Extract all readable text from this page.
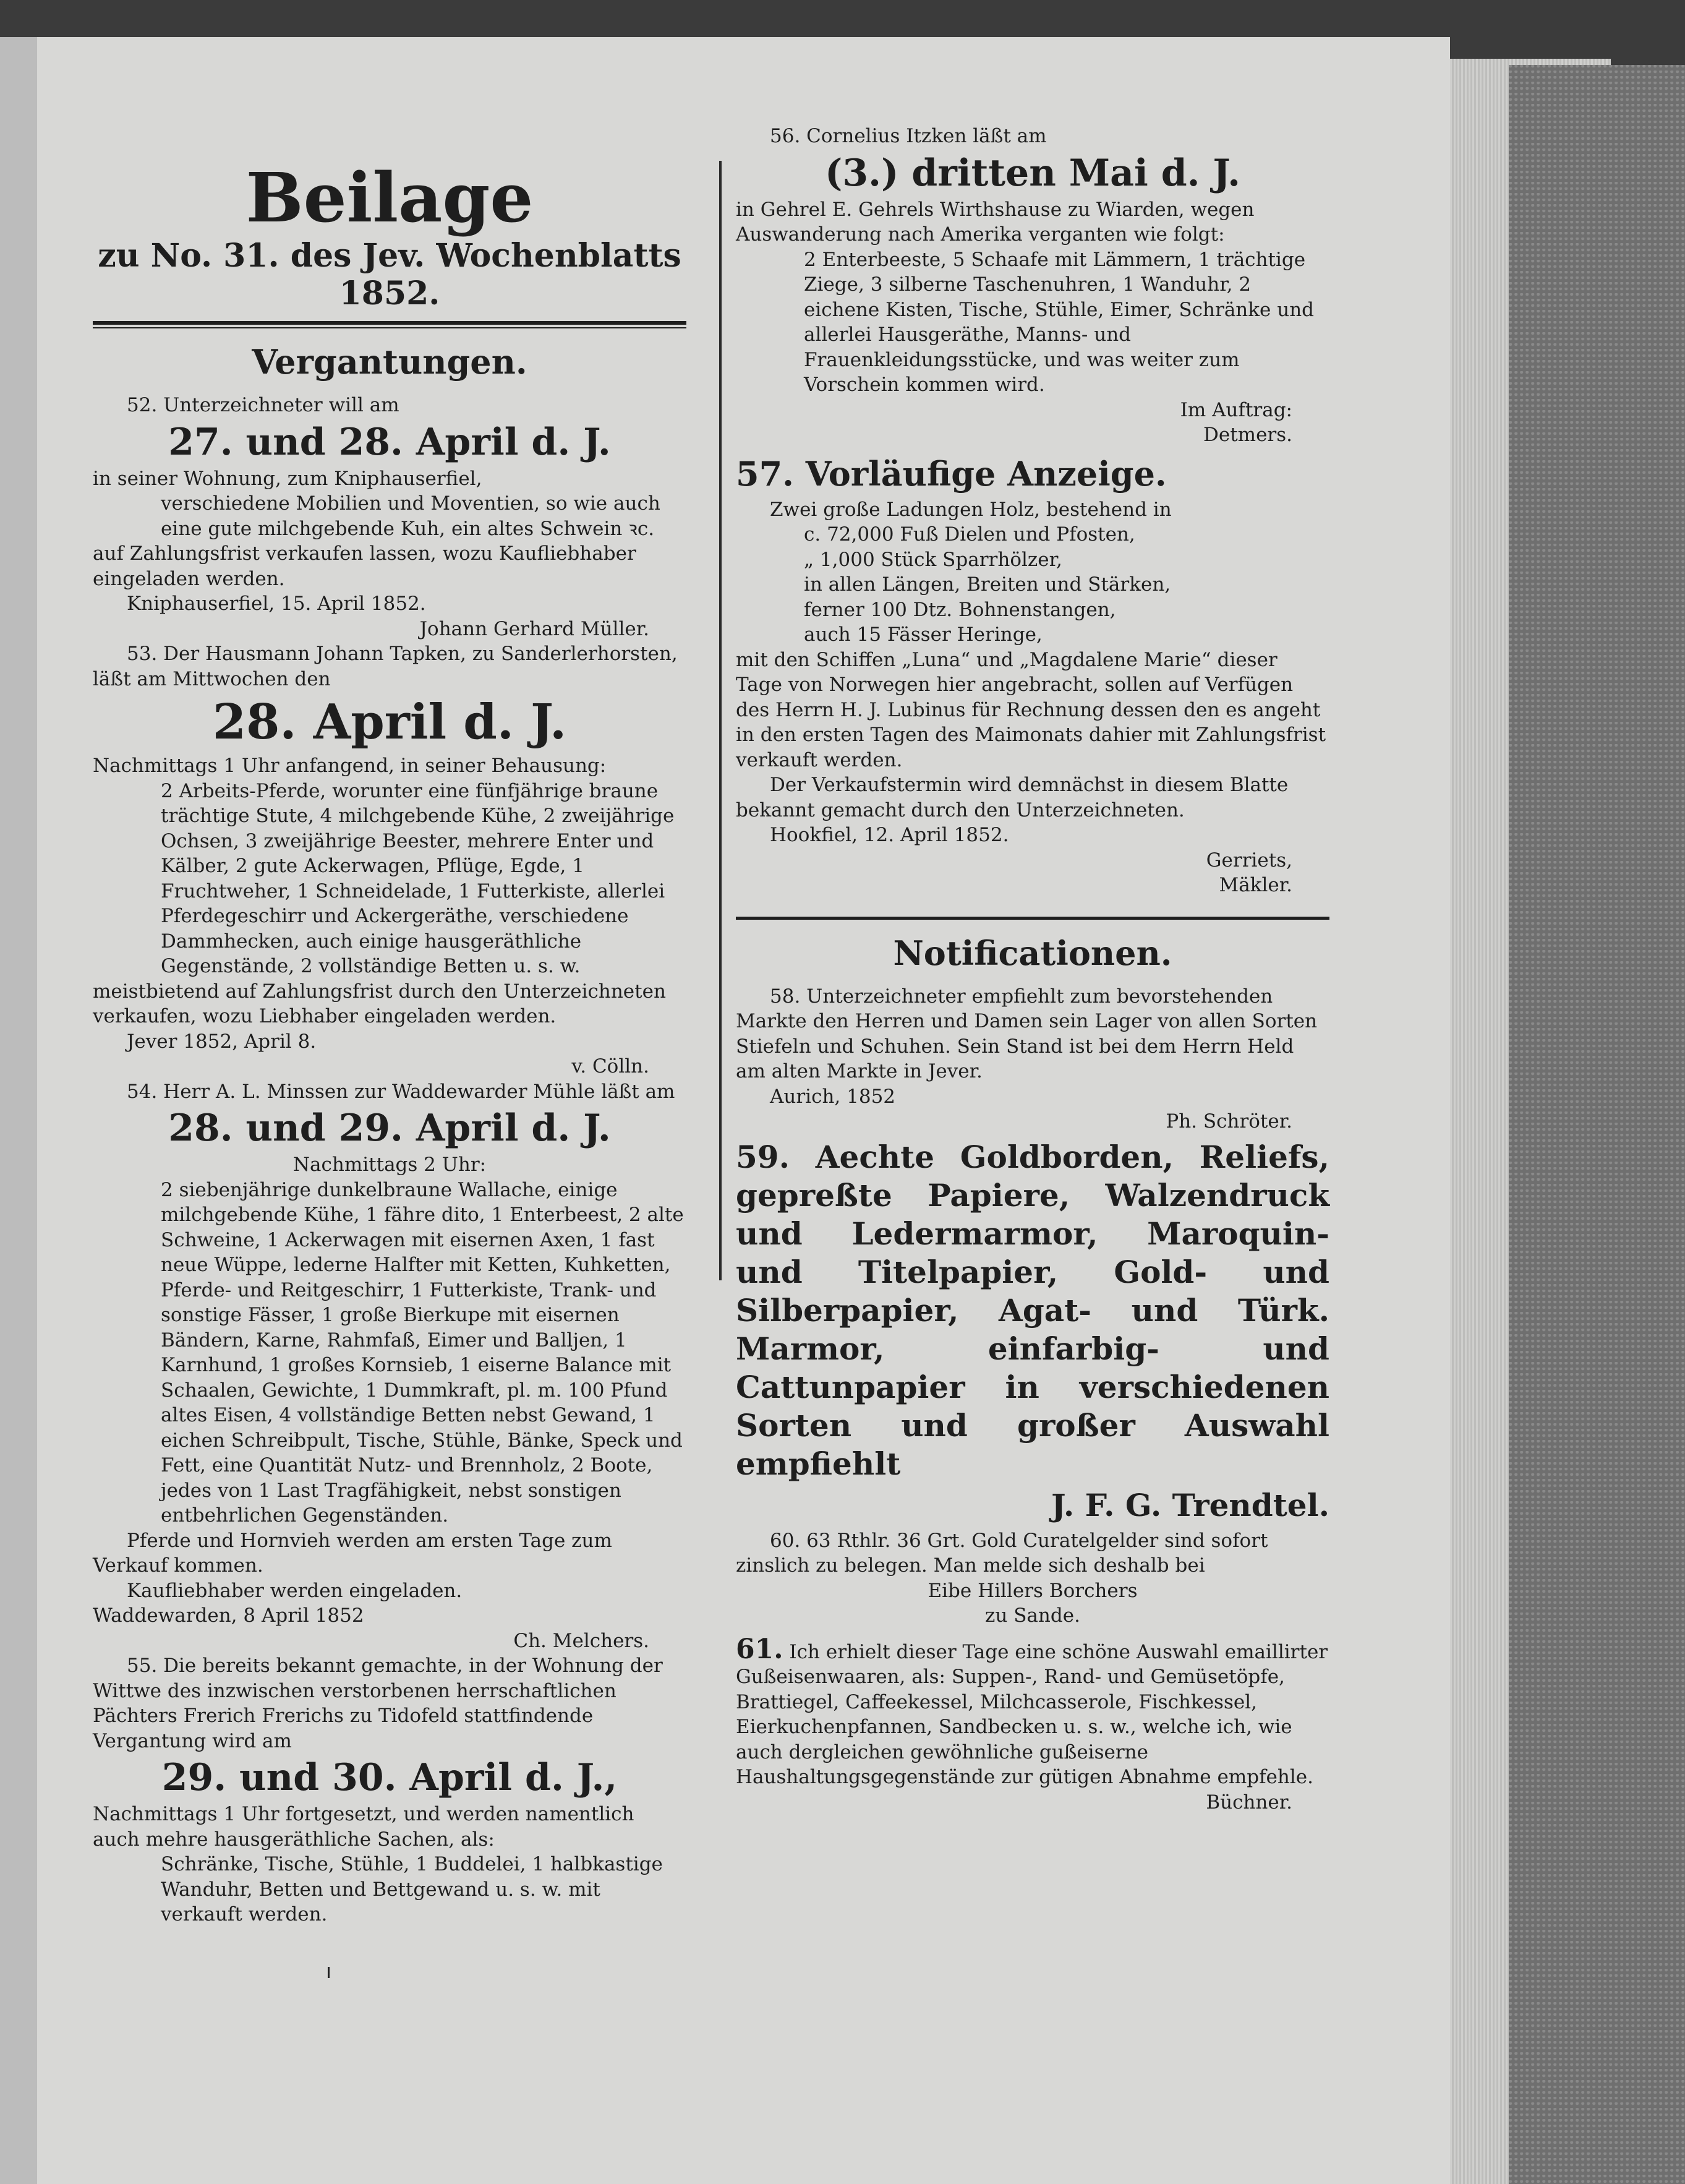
Beilage
zu No. 31. des Jev. Wochenblatts 1852.
Vergantungen.

52. Unterzeichneter will am

27. und 28. April d. J.

in seiner Wohnung, zum Kniphauserfiel,

verschiedene Mobilien und Moventien, so wie auch eine gute milchgebende Kuh, ein altes Schwein ꝛc.

auf Zahlungsfrist verkaufen lassen, wozu Kaufliebhaber eingeladen werden.

Kniphauserfiel, 15. April 1852.

Johann Gerhard Müller.

53. Der Hausmann Johann Tapken, zu Sanderlerhorsten, läßt am Mittwochen den

28. April d. J.

Nachmittags 1 Uhr anfangend, in seiner Behausung:

2 Arbeits-Pferde, worunter eine fünfjährige braune trächtige Stute, 4 milchgebende Kühe, 2 zweijährige Ochsen, 3 zweijährige Beester, mehrere Enter und Kälber, 2 gute Ackerwagen, Pflüge, Egde, 1 Fruchtweher, 1 Schneidelade, 1 Futterkiste, allerlei Pferdegeschirr und Ackergeräthe, verschiedene Dammhecken, auch einige hausgeräthliche Gegenstände, 2 vollständige Betten u. s. w.

meistbietend auf Zahlungsfrist durch den Unterzeichneten verkaufen, wozu Liebhaber eingeladen werden.

Jever 1852, April 8.

v. Cölln.

54. Herr A. L. Minssen zur Waddewarder Mühle läßt am

28. und 29. April d. J.

Nachmittags 2 Uhr:

2 siebenjährige dunkelbraune Wallache, einige milchgebende Kühe, 1 fähre dito, 1 Enterbeest, 2 alte Schweine, 1 Ackerwagen mit eisernen Axen, 1 fast neue Wüppe, lederne Halfter mit Ketten, Kuhketten, Pferde- und Reitgeschirr, 1 Futterkiste, Trank- und sonstige Fässer, 1 große Bierkupe mit eisernen Bändern, Karne, Rahmfaß, Eimer und Balljen, 1 Karnhund, 1 großes Kornsieb, 1 eiserne Balance mit Schaalen, Gewichte, 1 Dummkraft, pl. m. 100 Pfund altes Eisen, 4 vollständige Betten nebst Gewand, 1 eichen Schreibpult, Tische, Stühle, Bänke, Speck und Fett, eine Quantität Nutz- und Brennholz, 2 Boote, jedes von 1 Last Tragfähigkeit, nebst sonstigen entbehrlichen Gegenständen.

Pferde und Hornvieh werden am ersten Tage zum Verkauf kommen.

Kaufliebhaber werden eingeladen.

Waddewarden, 8 April 1852

Ch. Melchers.

55. Die bereits bekannt gemachte, in der Wohnung der Wittwe des inzwischen verstorbenen herrschaftlichen Pächters Frerich Frerichs zu Tidofeld stattfindende Vergantung wird am

29. und 30. April d. J.,

Nachmittags 1 Uhr fortgesetzt, und werden namentlich auch mehre hausgeräthliche Sachen, als:

Schränke, Tische, Stühle, 1 Buddelei, 1 halbkastige Wanduhr, Betten und Bettgewand u. s. w. mit verkauft werden.

56. Cornelius Itzken läßt am

(3.) dritten Mai d. J.

in Gehrel E. Gehrels Wirthshause zu Wiarden, wegen Auswanderung nach Amerika verganten wie folgt:

2 Enterbeeste, 5 Schaafe mit Lämmern, 1 trächtige Ziege, 3 silberne Taschenuhren, 1 Wanduhr, 2 eichene Kisten, Tische, Stühle, Eimer, Schränke und allerlei Hausgeräthe, Manns- und Frauenkleidungsstücke, und was weiter zum Vorschein kommen wird.

Im Auftrag:

Detmers.

57. Vorläufige Anzeige.

Zwei große Ladungen Holz, bestehend in

c. 72,000 Fuß Dielen und Pfosten,

„ 1,000 Stück Sparrhölzer,

in allen Längen, Breiten und Stärken,

ferner 100 Dtz. Bohnenstangen,

auch 15 Fässer Heringe,

mit den Schiffen „Luna“ und „Magdalene Marie“ dieser Tage von Norwegen hier angebracht, sollen auf Verfügen des Herrn H. J. Lubinus für Rechnung dessen den es angeht in den ersten Tagen des Maimonats dahier mit Zahlungsfrist verkauft werden.

Der Verkaufstermin wird demnächst in diesem Blatte bekannt gemacht durch den Unterzeichneten.

Hookfiel, 12. April 1852.

Gerriets,

Mäkler.

Notificationen.

58. Unterzeichneter empfiehlt zum bevorstehenden Markte den Herren und Damen sein Lager von allen Sorten Stiefeln und Schuhen. Sein Stand ist bei dem Herrn Held am alten Markte in Jever.

Aurich, 1852

Ph. Schröter.

59. Aechte Goldborden, Reliefs, gepreßte Papiere, Walzendruck und Ledermarmor, Maroquin- und Titelpapier, Gold- und Silberpapier, Agat- und Türk. Marmor, einfarbig- und Cattunpapier in verschiedenen Sorten und großer Auswahl empfiehlt

J. F. G. Trendtel.

60. 63 Rthlr. 36 Grt. Gold Curatelgelder sind sofort zinslich zu belegen. Man melde sich deshalb bei

Eibe Hillers Borchers

zu Sande.

61. Ich erhielt dieser Tage eine schöne Auswahl emaillirter Gußeisenwaaren, als: Suppen-, Rand- und Gemüsetöpfe, Brattiegel, Caffeekessel, Milchcasserole, Fischkessel, Eierkuchenpfannen, Sandbecken u. s. w., welche ich, wie auch dergleichen gewöhnliche gußeiserne Haushaltungsgegenstände zur gütigen Abnahme empfehle.

Büchner.
